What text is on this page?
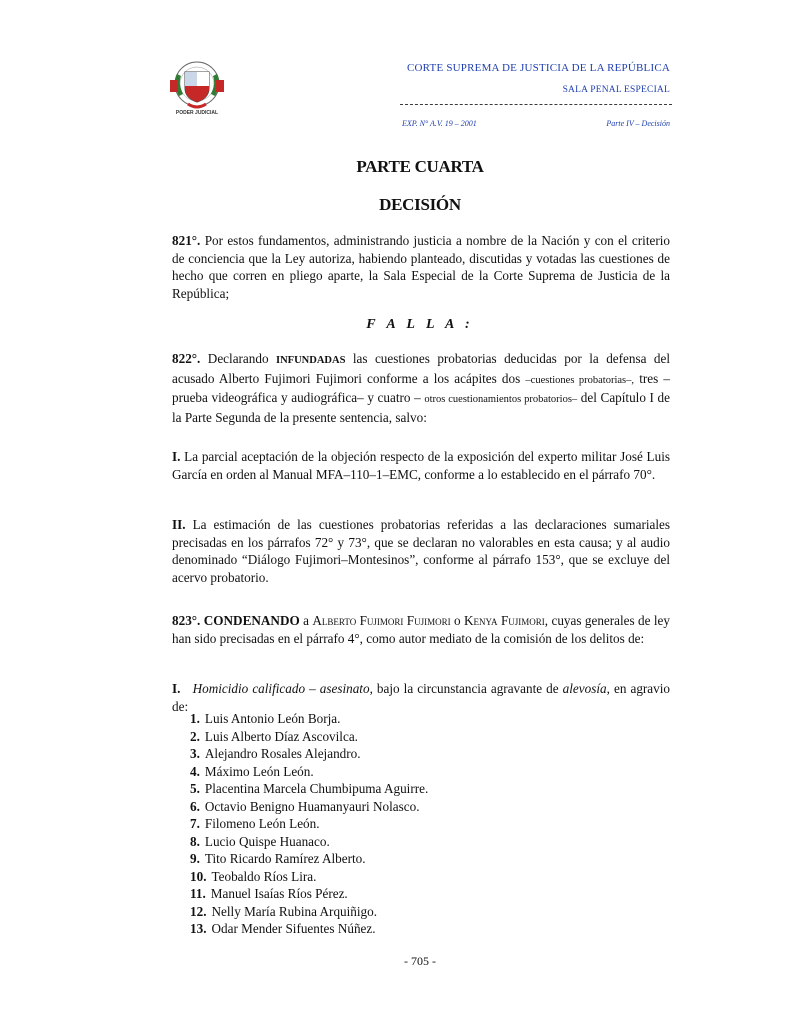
PODER JUDICIAL
CORTE SUPREMA DE JUSTICIA DE LA REPÚBLICA
SALA PENAL ESPECIAL
EXP. N° A.V. 19 – 2001	Parte IV – Decisión
PARTE CUARTA
DECISIÓN

821°. Por estos fundamentos, administrando justicia a nombre de la Nación y con el criterio de conciencia que la Ley autoriza, habiendo planteado, discutidas y votadas las cuestiones de hecho que corren en pliego aparte, la Sala Especial de la Corte Suprema de Justicia de la República;

F A L L A :

822°. Declarando INFUNDADAS las cuestiones probatorias deducidas por la defensa del acusado Alberto Fujimori Fujimori conforme a los acápites dos –cuestiones probatorias–, tres –prueba videográfica y audiográfica– y cuatro – otros cuestionamientos probatorios– del Capítulo I de la Parte Segunda de la presente sentencia, salvo:

I. La parcial aceptación de la objeción respecto de la exposición del experto militar José Luis García en orden al Manual MFA–110–1–EMC, conforme a lo establecido en el párrafo 70°.

II. La estimación de las cuestiones probatorias referidas a las declaraciones sumariales precisadas en los párrafos 72° y 73°, que se declaran no valorables en esta causa; y al audio denominado “Diálogo Fujimori–Montesinos”, conforme al párrafo 153°, que se excluye del acervo probatorio.

823°. CONDENANDO a Alberto Fujimori Fujimori o Kenya Fujimori, cuyas generales de ley han sido precisadas en el párrafo 4°, como autor mediato de la comisión de los delitos de:

I. Homicidio calificado – asesinato, bajo la circunstancia agravante de alevosía, en agravio de:

1. Luis Antonio León Borja.
2. Luis Alberto Díaz Ascovilca.
3. Alejandro Rosales Alejandro.
4. Máximo León León.
5. Placentina Marcela Chumbipuma Aguirre.
6. Octavio Benigno Huamanyauri Nolasco.
7. Filomeno León León.
8. Lucio Quispe Huanaco.
9. Tito Ricardo Ramírez Alberto.
10. Teobaldo Ríos Lira.
11. Manuel Isaías Ríos Pérez.
12. Nelly María Rubina Arquiñigo.
13. Odar Mender Sifuentes Núñez.
- 705 -
